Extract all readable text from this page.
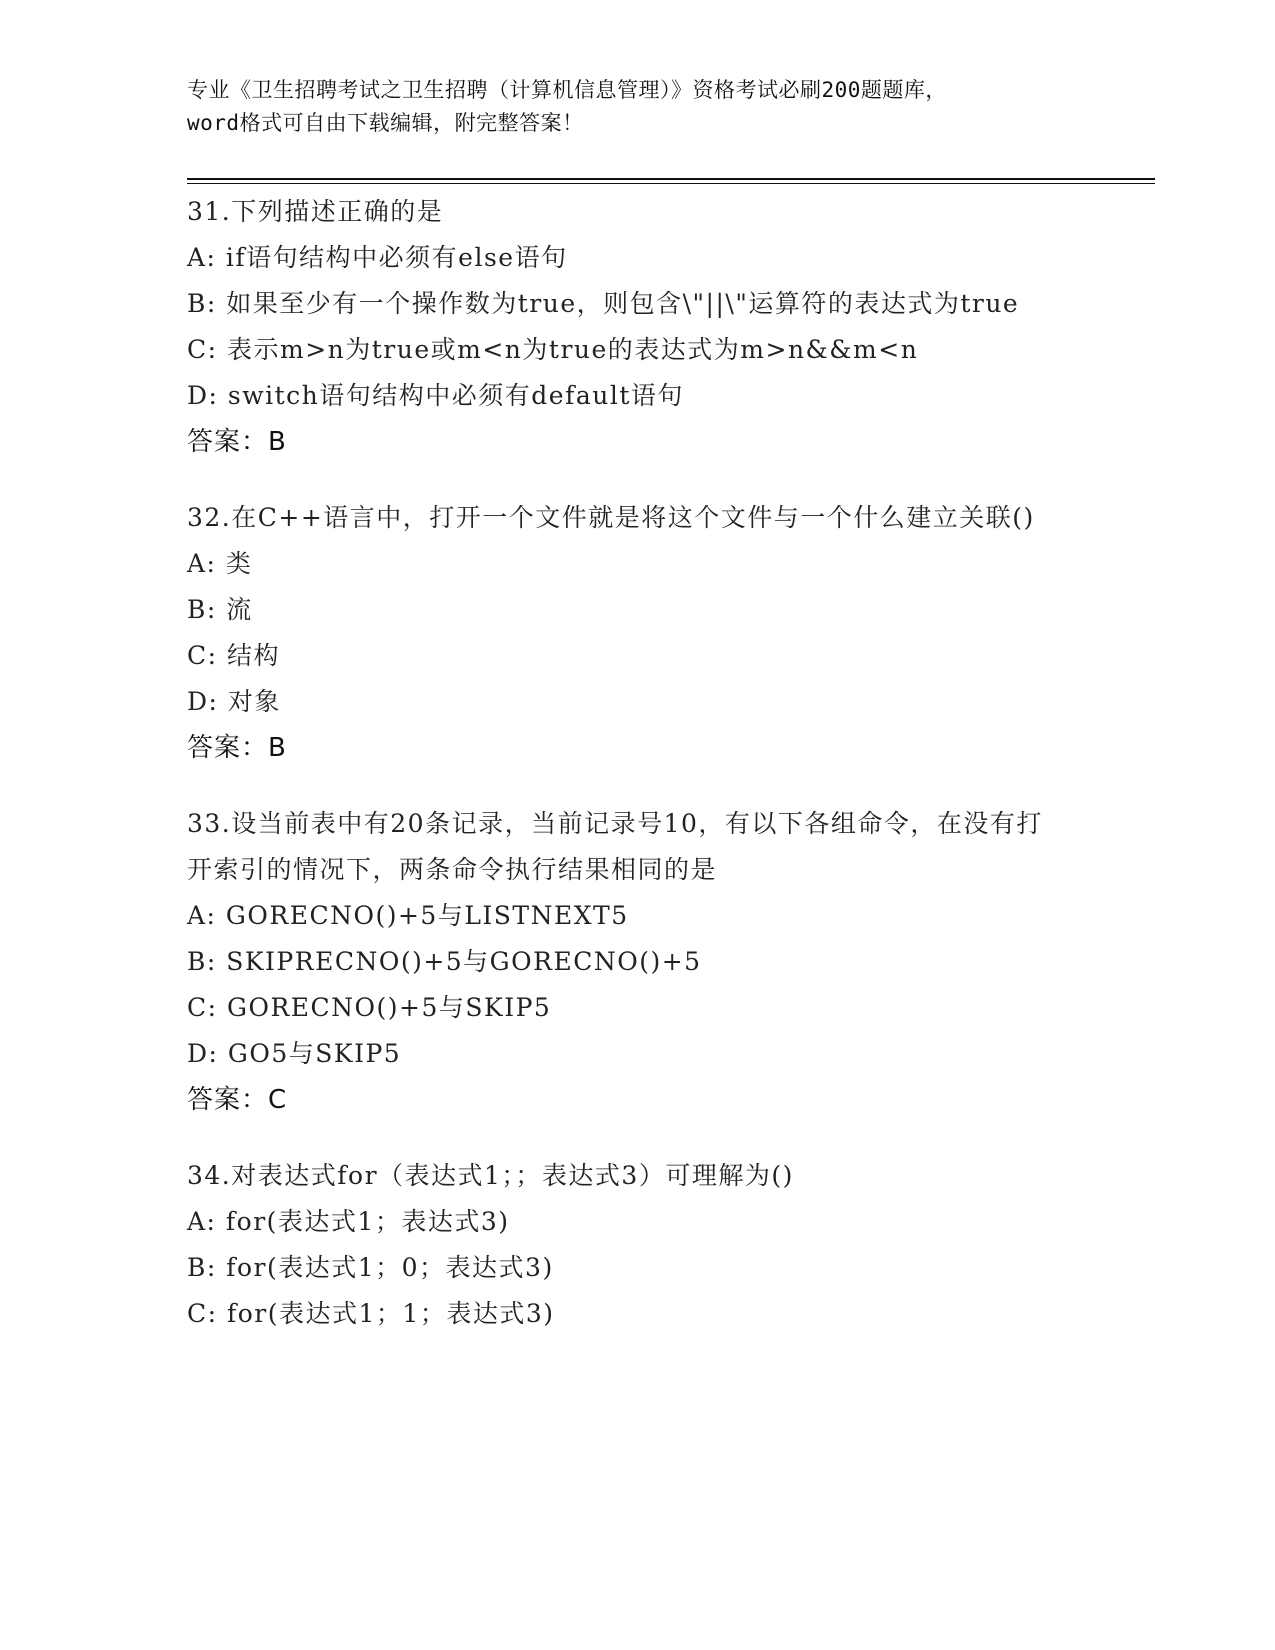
专业《卫生招聘考试之卫生招聘（计算机信息管理）》资格考试必刷200题题库，
word格式可自由下载编辑，附完整答案！
31.下列描述正确的是
A: if语句结构中必须有else语句
B: 如果至少有一个操作数为true，则包含\"||\"运算符的表达式为true
C: 表示m>n为true或m<n为true的表达式为m>n&&m<n
D: switch语句结构中必须有default语句
答案：B
32.在C++语言中，打开一个文件就是将这个文件与一个什么建立关联()
A: 类
B: 流
C: 结构
D: 对象
答案：B
33.设当前表中有20条记录，当前记录号10，有以下各组命令，在没有打开索引的情况下，两条命令执行结果相同的是
A: GORECNO()+5与LISTNEXT5
B: SKIPRECNO()+5与GORECNO()+5
C: GORECNO()+5与SKIP5
D: GO5与SKIP5
答案：C
34.对表达式for（表达式1；；表达式3）可理解为()
A: for(表达式1；表达式3)
B: for(表达式1；0；表达式3)
C: for(表达式1；1；表达式3)
